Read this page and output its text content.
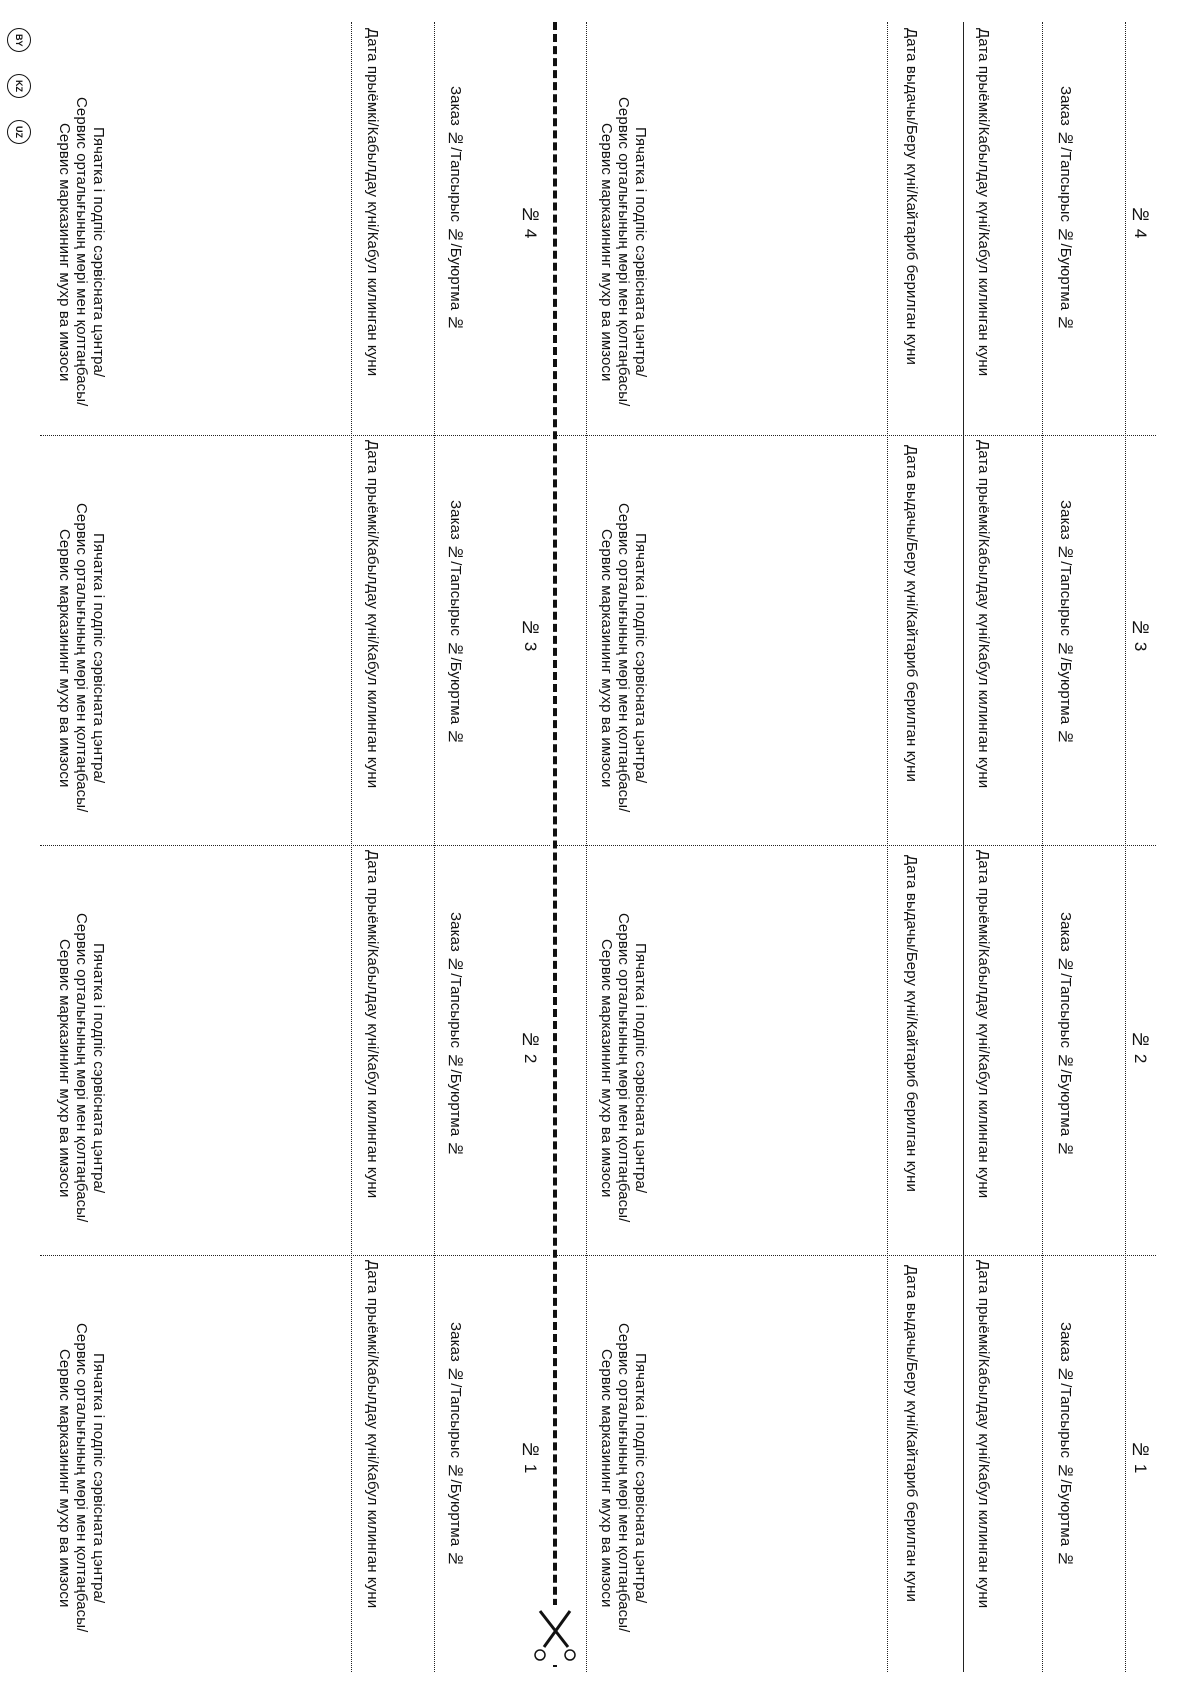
BY
KZ
UZ	Пячатка і подпіс сэрвісната цэнтра/
Сервис орталығының мөрі мен қолтаңбасы/
Сервис марказининг мухр ва имзоси	Дата прыёмкі/Кабылдау күні/Кабул килинган куни	Заказ №/Тапсырыс №/Буюртма №	№ 4	Пячатка і подпіс сэрвісната цэнтра/
Сервис орталығының мөрі мен қолтаңбасы/
Сервис марказининг мухр ва имзоси	Дата выдачы/Беру күні/Кайтариб берилган куни	Дата прыёмкі/Кабылдау күні/Кабул килинган куни	Заказ №/Тапсырыс №/Буюртма №	№ 4
Пячатка і подпіс сэрвісната цэнтра/
Сервис орталығының мөрі мен қолтаңбасы/
Сервис марказининг мухр ва имзоси	Дата прыёмкі/Кабылдау күні/Кабул килинган куни	Заказ №/Тапсырыс №/Буюртма №	№ 3	Пячатка і подпіс сэрвісната цэнтра/
Сервис орталығының мөрі мен қолтаңбасы/
Сервис марказининг мухр ва имзоси	Дата выдачы/Беру күні/Кайтариб берилган куни	Дата прыёмкі/Кабылдау күні/Кабул килинган куни	Заказ №/Тапсырыс №/Буюртма №	№ 3
Пячатка і подпіс сэрвісната цэнтра/
Сервис орталығының мөрі мен қолтаңбасы/
Сервис марказининг мухр ва имзоси	Дата прыёмкі/Кабылдау күні/Кабул килинган куни	Заказ №/Тапсырыс №/Буюртма №	№ 2	Пячатка і подпіс сэрвісната цэнтра/
Сервис орталығының мөрі мен қолтаңбасы/
Сервис марказининг мухр ва имзоси	Дата выдачы/Беру күні/Кайтариб берилган куни	Дата прыёмкі/Кабылдау күні/Кабул килинган куни	Заказ №/Тапсырыс №/Буюртма №	№ 2
Пячатка і подпіс сэрвісната цэнтра/
Сервис орталығының мөрі мен қолтаңбасы/
Сервис марказининг мухр ва имзоси	Дата прыёмкі/Кабылдау күні/Кабул килинган куни	Заказ №/Тапсырыс №/Буюртма №	№ 1	Пячатка і подпіс сэрвісната цэнтра/
Сервис орталығының мөрі мен қолтаңбасы/
Сервис марказининг мухр ва имзоси	Дата выдачы/Беру күні/Кайтариб берилган куни	Дата прыёмкі/Кабылдау күні/Кабул килинган куни	Заказ №/Тапсырыс №/Буюртма №	№ 1
